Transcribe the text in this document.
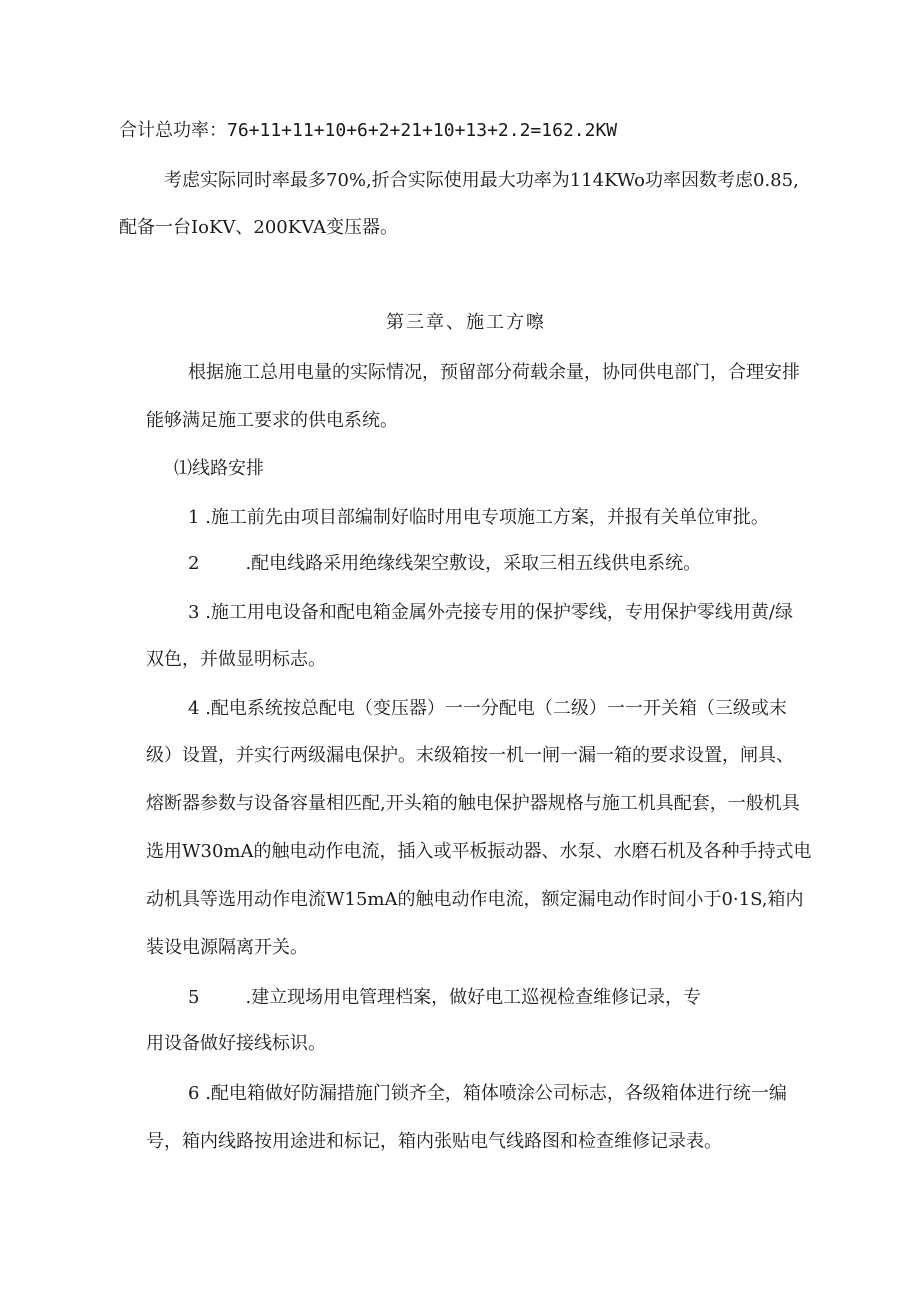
合计总功率：76+11+11+10+6+2+21+10+13+2.2=162.2KW
考虑实际同时率最多70%,折合实际使用最大功率为114KWo功率因数考虑0.85,
配备一台IoKV、200KVA变压器。
第三章、施工方嚓
根据施工总用电量的实际情况，预留部分荷载余量，协同供电部门，合理安排
能够满足施工要求的供电系统。
⑴线路安排
1 .施工前先由项目部编制好临时用电专项施工方案，并报有关单位审批。
2	.配电线路采用绝缘线架空敷设，采取三相五线供电系统。
3 .施工用电设备和配电箱金属外壳接专用的保护零线，专用保护零线用黄/绿
双色，并做显明标志。
4 .配电系统按总配电（变压器）一一分配电（二级）一一开关箱（三级或末
级）设置，并实行两级漏电保护。末级箱按一机一闸一漏一箱的要求设置，闸具、
熔断器参数与设备容量相匹配,开头箱的触电保护器规格与施工机具配套，一般机具
选用W30mA的触电动作电流，插入或平板振动器、水泵、水磨石机及各种手持式电
动机具等选用动作电流W15mA的触电动作电流，额定漏电动作时间小于0·1S,箱内
装设电源隔离开关。
5	.建立现场用电管理档案，做好电工巡视检查维修记录，专
用设备做好接线标识。
6 .配电箱做好防漏措施门锁齐全，箱体喷涂公司标志，各级箱体进行统一编
号，箱内线路按用途进和标记，箱内张贴电气线路图和检查维修记录表。
